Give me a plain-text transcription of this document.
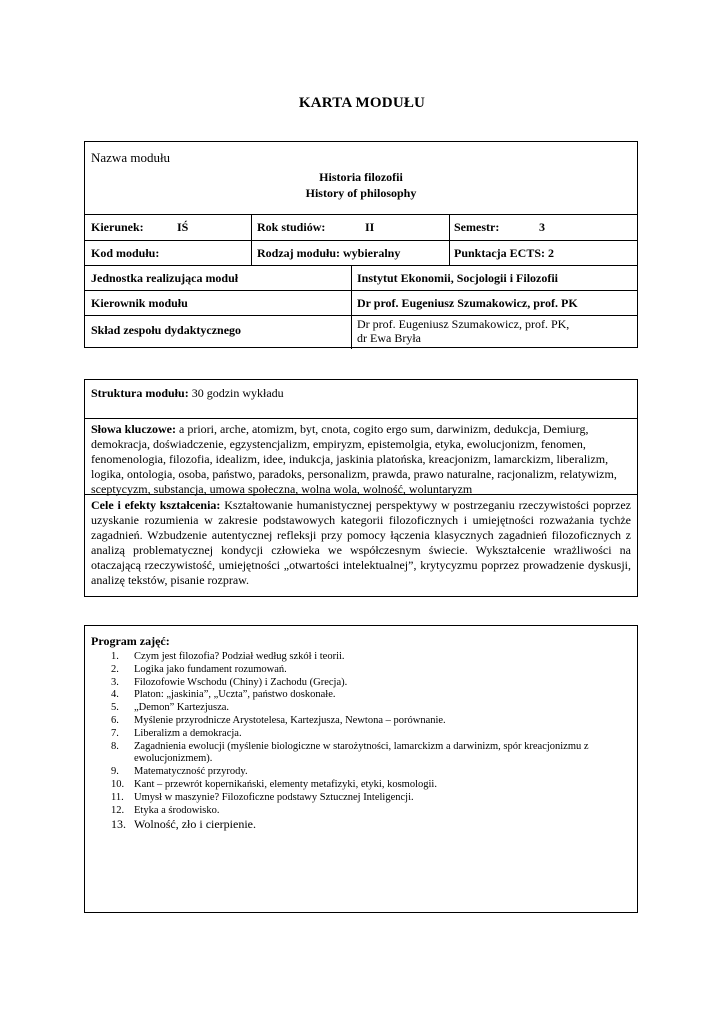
KARTA MODUŁU
Nazwa modułu
Historia filozofii
History of philosophy
Kierunek:	IŚ	Rok studiów:	II	Semestr:	3
Kod modułu:	Rodzaj modułu: wybieralny	Punktacja ECTS: 2
Jednostka realizująca moduł	Instytut Ekonomii, Socjologii i Filozofii
Kierownik modułu	Dr prof. Eugeniusz Szumakowicz, prof. PK
Skład zespołu dydaktycznego	Dr prof. Eugeniusz Szumakowicz, prof. PK,
dr Ewa Bryła
Struktura modułu: 30 godzin wykładu
Słowa kluczowe: a priori, arche, atomizm, byt, cnota, cogito ergo sum, darwinizm, dedukcja, Demiurg, demokracja, doświadczenie, egzystencjalizm, empiryzm, epistemolgia, etyka, ewolucjonizm, fenomen, fenomenologia, filozofia, idealizm, idee, indukcja, jaskinia platońska, kreacjonizm, lamarckizm, liberalizm, logika, ontologia, osoba, państwo, paradoks, personalizm, prawda, prawo naturalne, racjonalizm, relatywizm, sceptycyzm, substancja, umowa społeczna, wolna wola, wolność, woluntaryzm
Cele i efekty kształcenia: Kształtowanie humanistycznej perspektywy w postrzeganiu rzeczywistości poprzez uzyskanie rozumienia w zakresie podstawowych kategorii filozoficznych i umiejętności rozważania tychże zagadnień. Wzbudzenie autentycznej refleksji przy pomocy łączenia klasycznych zagadnień filozoficznych z analizą problematycznej kondycji człowieka we współczesnym świecie. Wykształcenie wrażliwości na otaczającą rzeczywistość, umiejętności „otwartości intelektualnej”, krytycyzmu poprzez prowadzenie dyskusji, analizę tekstów, pisanie rozpraw.
Program zajęć:
1.	Czym jest filozofia? Podział według szkół i teorii.
2.	Logika jako fundament rozumowań.
3.	Filozofowie Wschodu (Chiny) i Zachodu (Grecja).
4.	Platon: „jaskinia”, „Uczta”, państwo doskonałe.
5.	„Demon” Kartezjusza.
6.	Myślenie przyrodnicze Arystotelesa, Kartezjusza, Newtona – porównanie.
7.	Liberalizm a demokracja.
8.	Zagadnienia ewolucji (myślenie biologiczne w starożytności, lamarckizm a darwinizm, spór kreacjonizmu z ewolucjonizmem).
9.	Matematyczność przyrody.
10. Kant – przewrót kopernikański, elementy metafizyki, etyki, kosmologii.
11. Umysł w maszynie? Filozoficzne podstawy Sztucznej Inteligencji.
12. Etyka a środowisko.
13. Wolność, zło i cierpienie.
